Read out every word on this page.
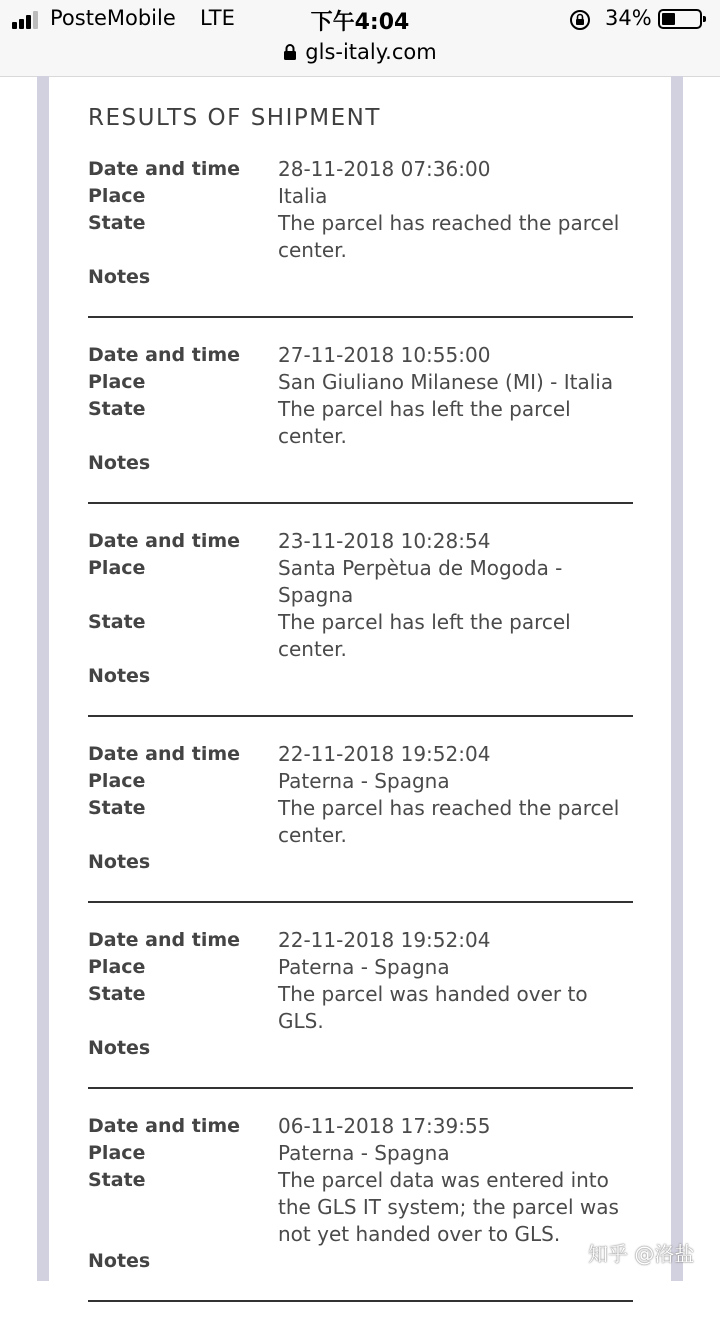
PosteMobile LTE	下午4:04	34%
gls-italy.com
RESULTS OF SHIPMENT
Date and time	28-11-2018 07:36:00
Place	Italia
State	The parcel has reached the parcel center.
Notes
Date and time	27-11-2018 10:55:00
Place	San Giuliano Milanese (MI) - Italia
State	The parcel has left the parcel center.
Notes
Date and time	23-11-2018 10:28:54
Place	Santa Perpètua de Mogoda - Spagna
State	The parcel has left the parcel center.
Notes
Date and time	22-11-2018 19:52:04
Place	Paterna - Spagna
State	The parcel has reached the parcel center.
Notes
Date and time	22-11-2018 19:52:04
Place	Paterna - Spagna
State	The parcel was handed over to GLS.
Notes
Date and time	06-11-2018 17:39:55
Place	Paterna - Spagna
State	The parcel data was entered into the GLS IT system; the parcel was not yet handed over to GLS.
Notes	知乎 @洛盐
